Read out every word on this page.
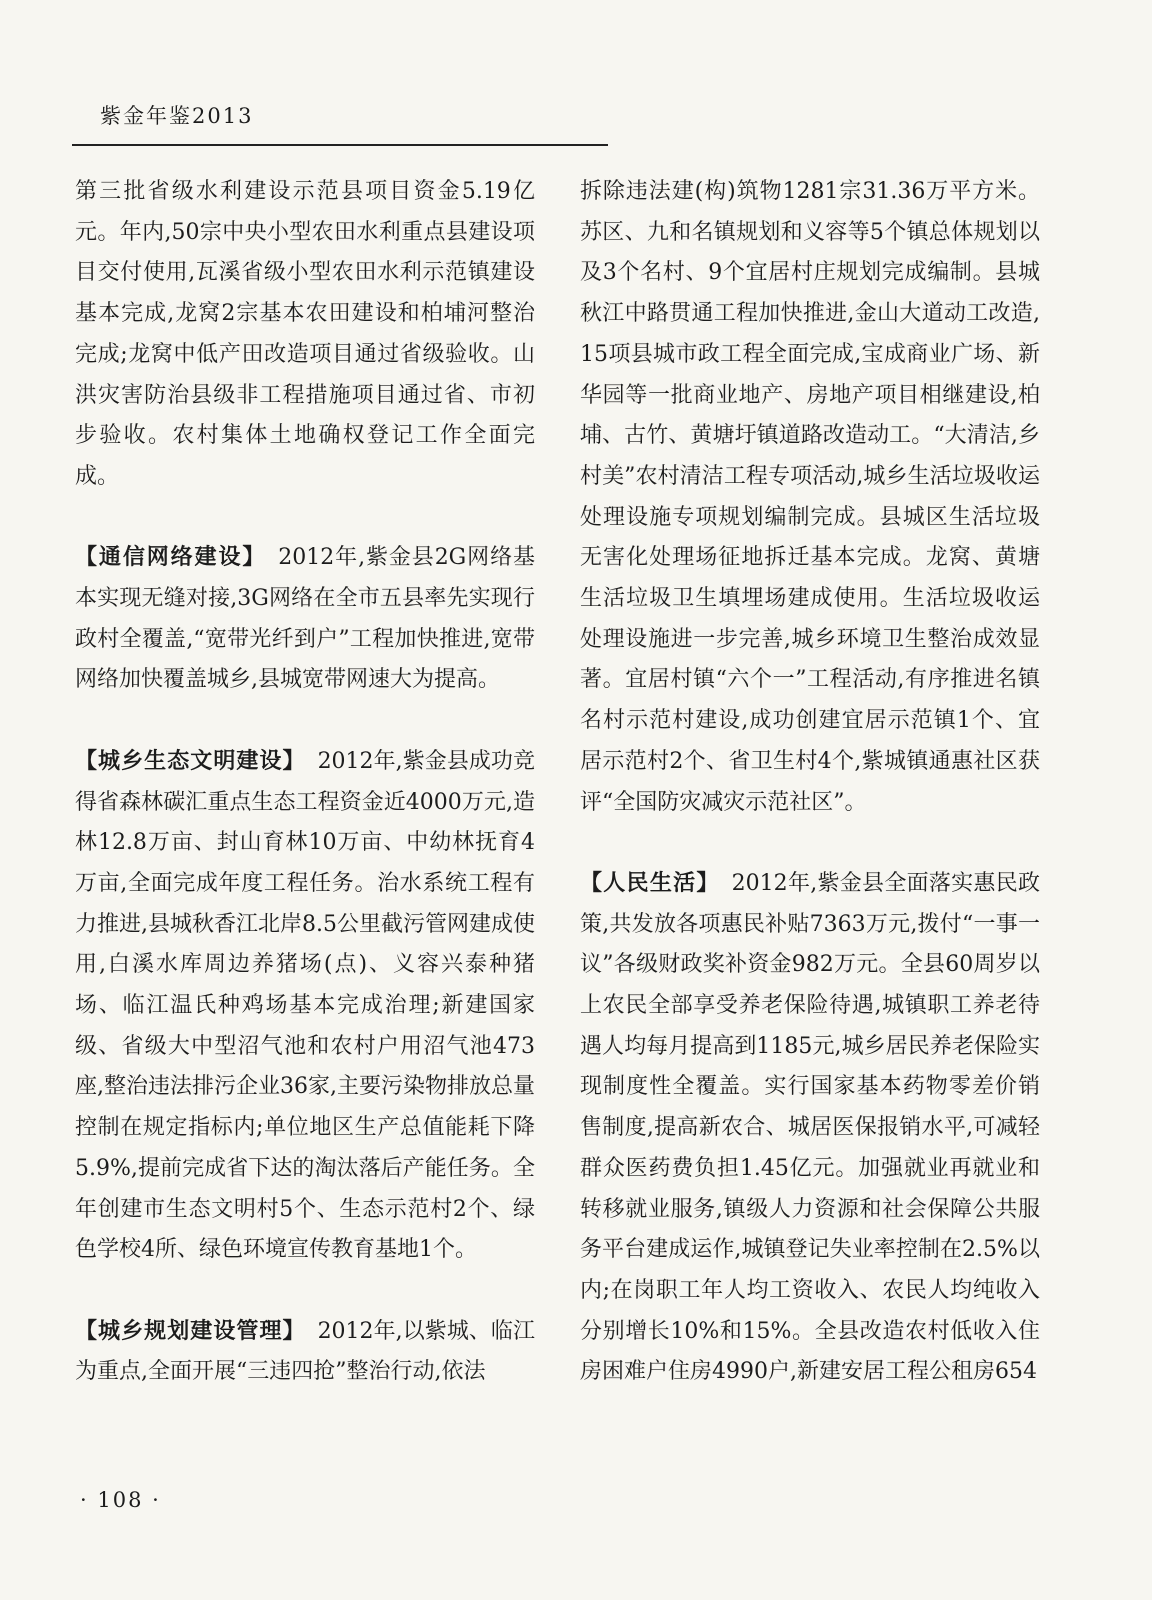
紫金年鉴2013

第三批省级水利建设示范县项目资金5.19亿元。年内,50宗中央小型农田水利重点县建设项目交付使用,瓦溪省级小型农田水利示范镇建设基本完成,龙窝2宗基本农田建设和柏埔河整治完成;龙窝中低产田改造项目通过省级验收。山洪灾害防治县级非工程措施项目通过省、市初步验收。农村集体土地确权登记工作全面完成。

【通信网络建设】 2012年,紫金县2G网络基本实现无缝对接,3G网络在全市五县率先实现行政村全覆盖,“宽带光纤到户”工程加快推进,宽带网络加快覆盖城乡,县城宽带网速大为提高。

【城乡生态文明建设】 2012年,紫金县成功竞得省森林碳汇重点生态工程资金近4000万元,造林12.8万亩、封山育林10万亩、中幼林抚育4万亩,全面完成年度工程任务。治水系统工程有力推进,县城秋香江北岸8.5公里截污管网建成使用,白溪水库周边养猪场(点)、义容兴泰种猪场、临江温氏种鸡场基本完成治理;新建国家级、省级大中型沼气池和农村户用沼气池473座,整治违法排污企业36家,主要污染物排放总量控制在规定指标内;单位地区生产总值能耗下降5.9%,提前完成省下达的淘汰落后产能任务。全年创建市生态文明村5个、生态示范村2个、绿色学校4所、绿色环境宣传教育基地1个。

【城乡规划建设管理】 2012年,以紫城、临江为重点,全面开展“三违四抢”整治行动,依法

拆除违法建(构)筑物1281宗31.36万平方米。苏区、九和名镇规划和义容等5个镇总体规划以及3个名村、9个宜居村庄规划完成编制。县城秋江中路贯通工程加快推进,金山大道动工改造,15项县城市政工程全面完成,宝成商业广场、新华园等一批商业地产、房地产项目相继建设,柏埔、古竹、黄塘圩镇道路改造动工。“大清洁,乡村美”农村清洁工程专项活动,城乡生活垃圾收运处理设施专项规划编制完成。县城区生活垃圾无害化处理场征地拆迁基本完成。龙窝、黄塘生活垃圾卫生填埋场建成使用。生活垃圾收运处理设施进一步完善,城乡环境卫生整治成效显著。宜居村镇“六个一”工程活动,有序推进名镇名村示范村建设,成功创建宜居示范镇1个、宜居示范村2个、省卫生村4个,紫城镇通惠社区获评“全国防灾减灾示范社区”。

【人民生活】 2012年,紫金县全面落实惠民政策,共发放各项惠民补贴7363万元,拨付“一事一议”各级财政奖补资金982万元。全县60周岁以上农民全部享受养老保险待遇,城镇职工养老待遇人均每月提高到1185元,城乡居民养老保险实现制度性全覆盖。实行国家基本药物零差价销售制度,提高新农合、城居医保报销水平,可减轻群众医药费负担1.45亿元。加强就业再就业和转移就业服务,镇级人力资源和社会保障公共服务平台建成运作,城镇登记失业率控制在2.5%以内;在岗职工年人均工资收入、农民人均纯收入分别增长10%和15%。全县改造农村低收入住房困难户住房4990户,新建安居工程公租房654

· 108 ·
